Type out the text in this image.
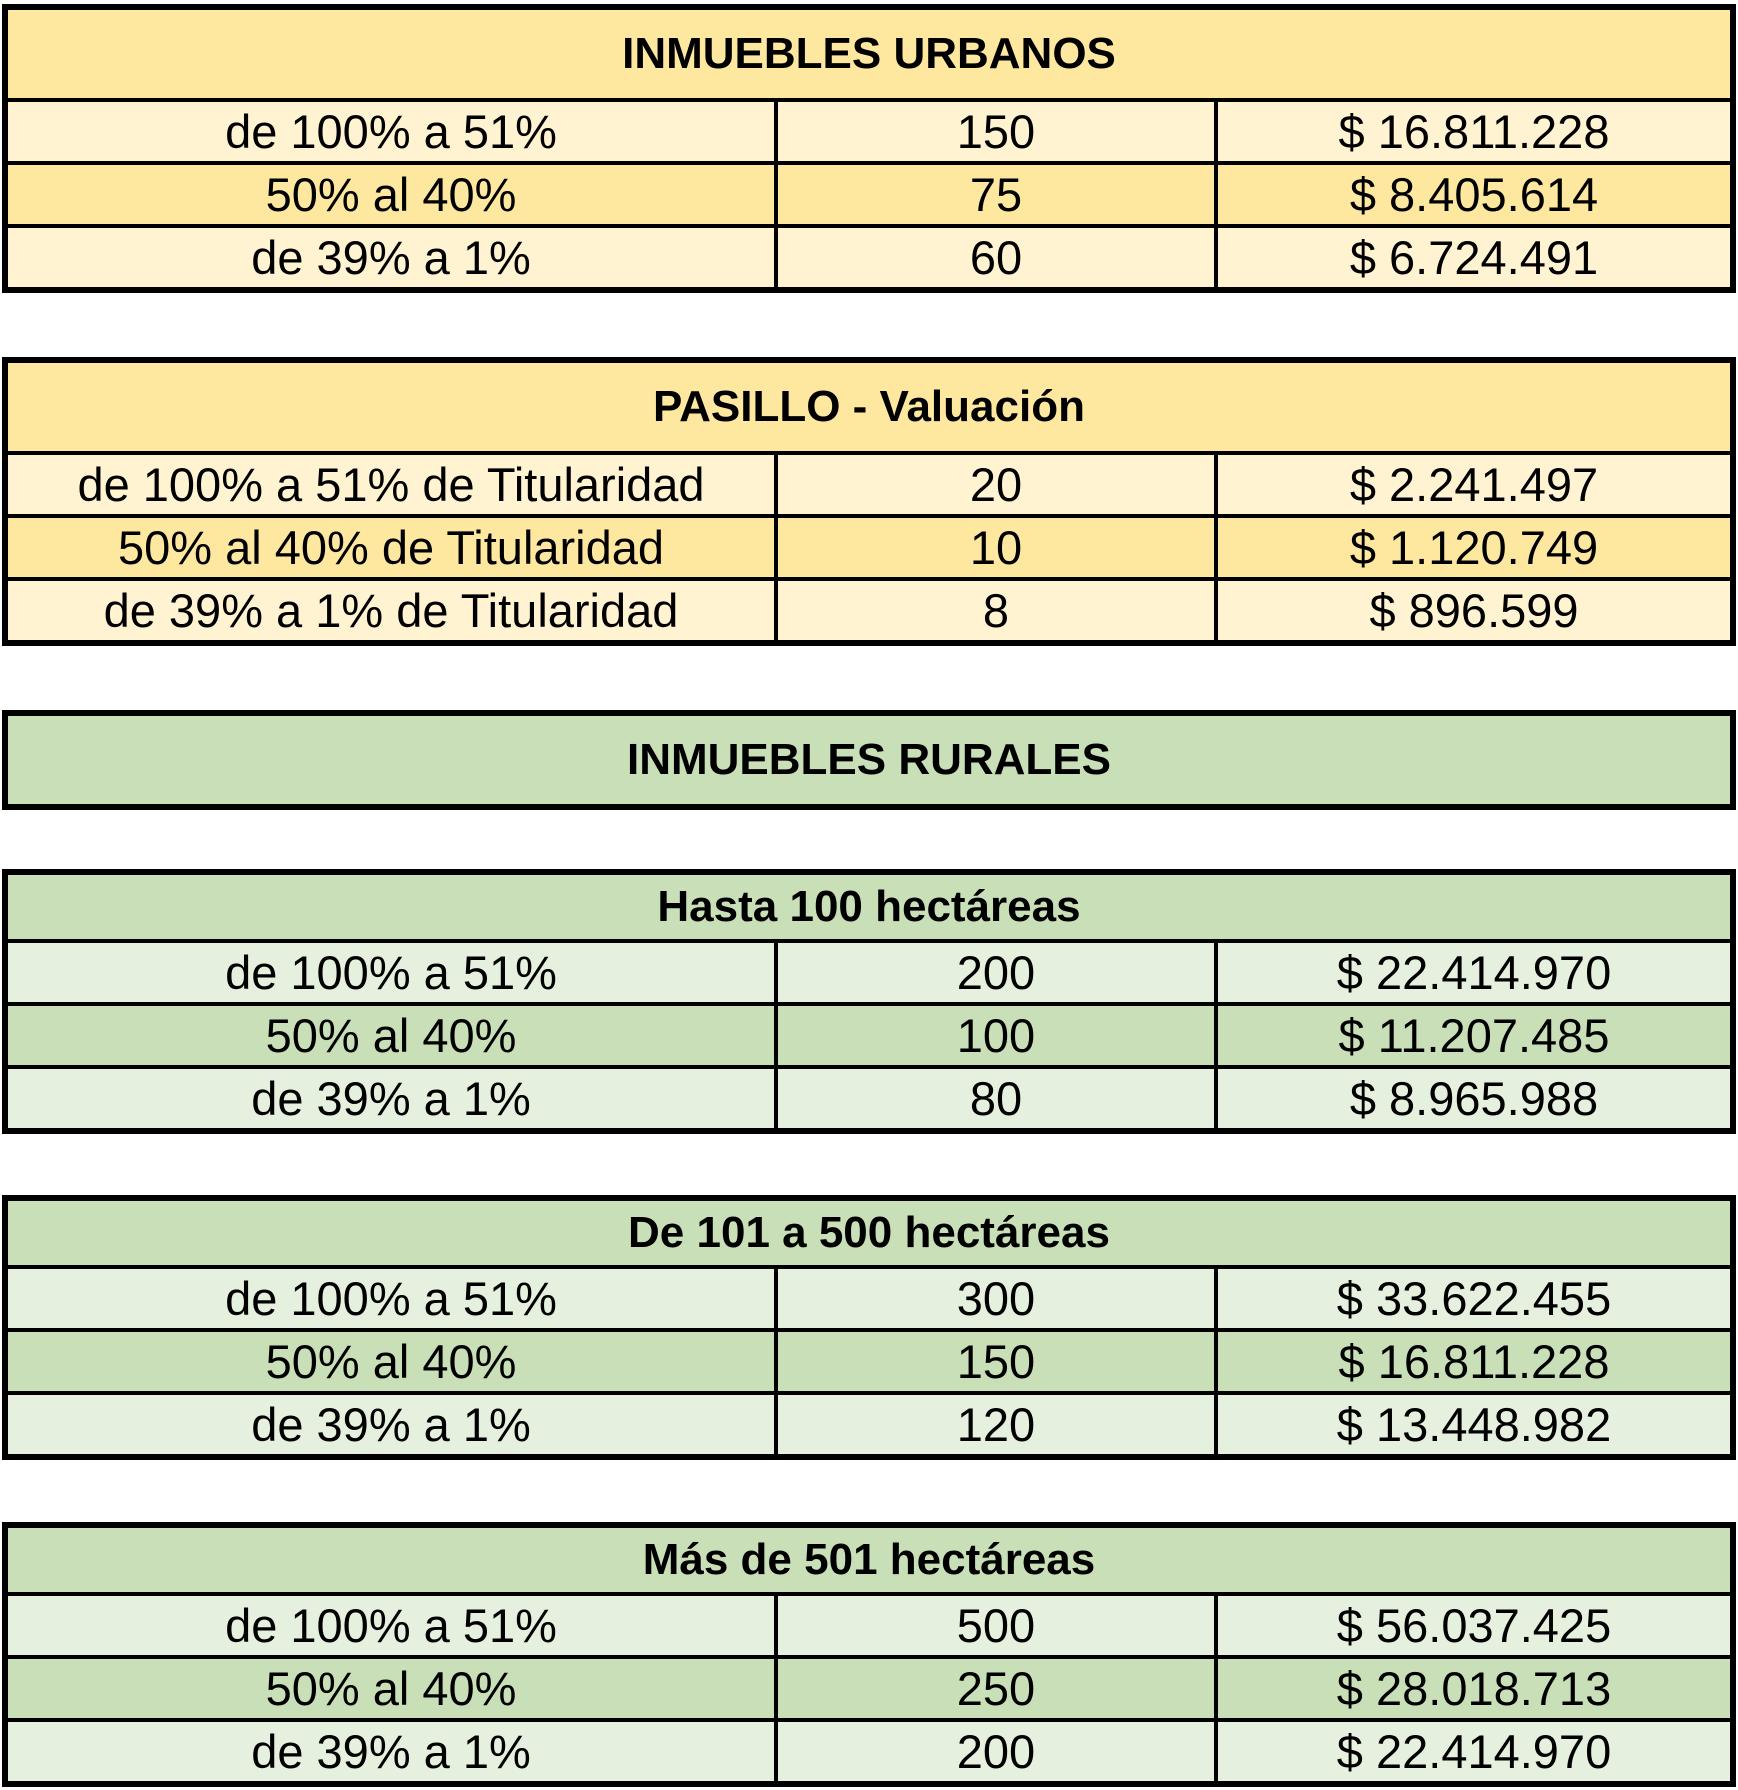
INMUEBLES URBANOS
de 100% a 51%	150	$ 16.811.228
50% al 40%	75	$ 8.405.614
de 39% a 1%	60	$ 6.724.491
PASILLO - Valuación
de 100% a 51% de Titularidad	20	$ 2.241.497
50% al 40% de Titularidad	10	$ 1.120.749
de 39% a 1% de Titularidad	8	$ 896.599
INMUEBLES RURALES
Hasta 100 hectáreas
de 100% a 51%	200	$ 22.414.970
50% al 40%	100	$ 11.207.485
de 39% a 1%	80	$ 8.965.988
De 101 a 500 hectáreas
de 100% a 51%	300	$ 33.622.455
50% al 40%	150	$ 16.811.228
de 39% a 1%	120	$ 13.448.982
Más de 501 hectáreas
de 100% a 51%	500	$ 56.037.425
50% al 40%	250	$ 28.018.713
de 39% a 1%	200	$ 22.414.970
